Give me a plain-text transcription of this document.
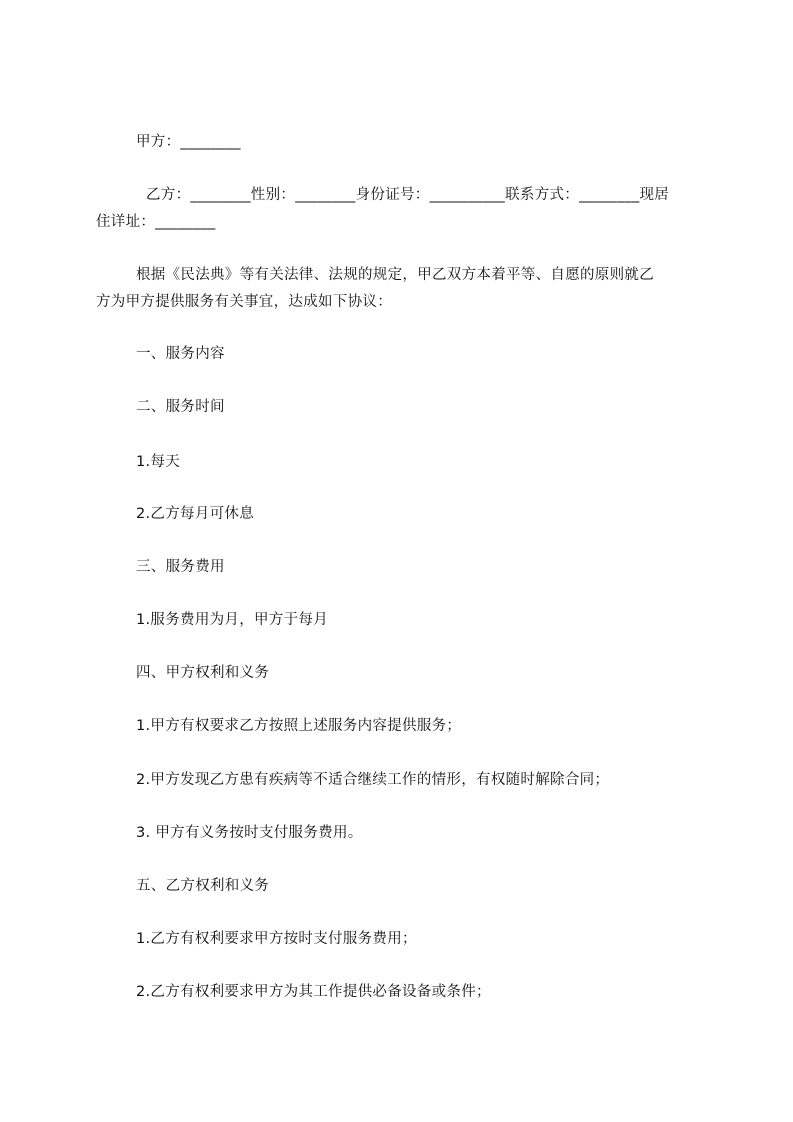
甲方：________
乙方：________性别：________身份证号：__________联系方式：________现居
住详址：________
根据《民法典》等有关法律、法规的规定，甲乙双方本着平等、自愿的原则就乙
方为甲方提供服务有关事宜，达成如下协议：
一、服务内容
二、服务时间
1.每天
2.乙方每月可休息
三、服务费用
1.服务费用为月，甲方于每月
四、甲方权利和义务
1.甲方有权要求乙方按照上述服务内容提供服务；
2.甲方发现乙方患有疾病等不适合继续工作的情形，有权随时解除合同；
3. 甲方有义务按时支付服务费用。
五、乙方权利和义务
1.乙方有权利要求甲方按时支付服务费用；
2.乙方有权利要求甲方为其工作提供必备设备或条件；
